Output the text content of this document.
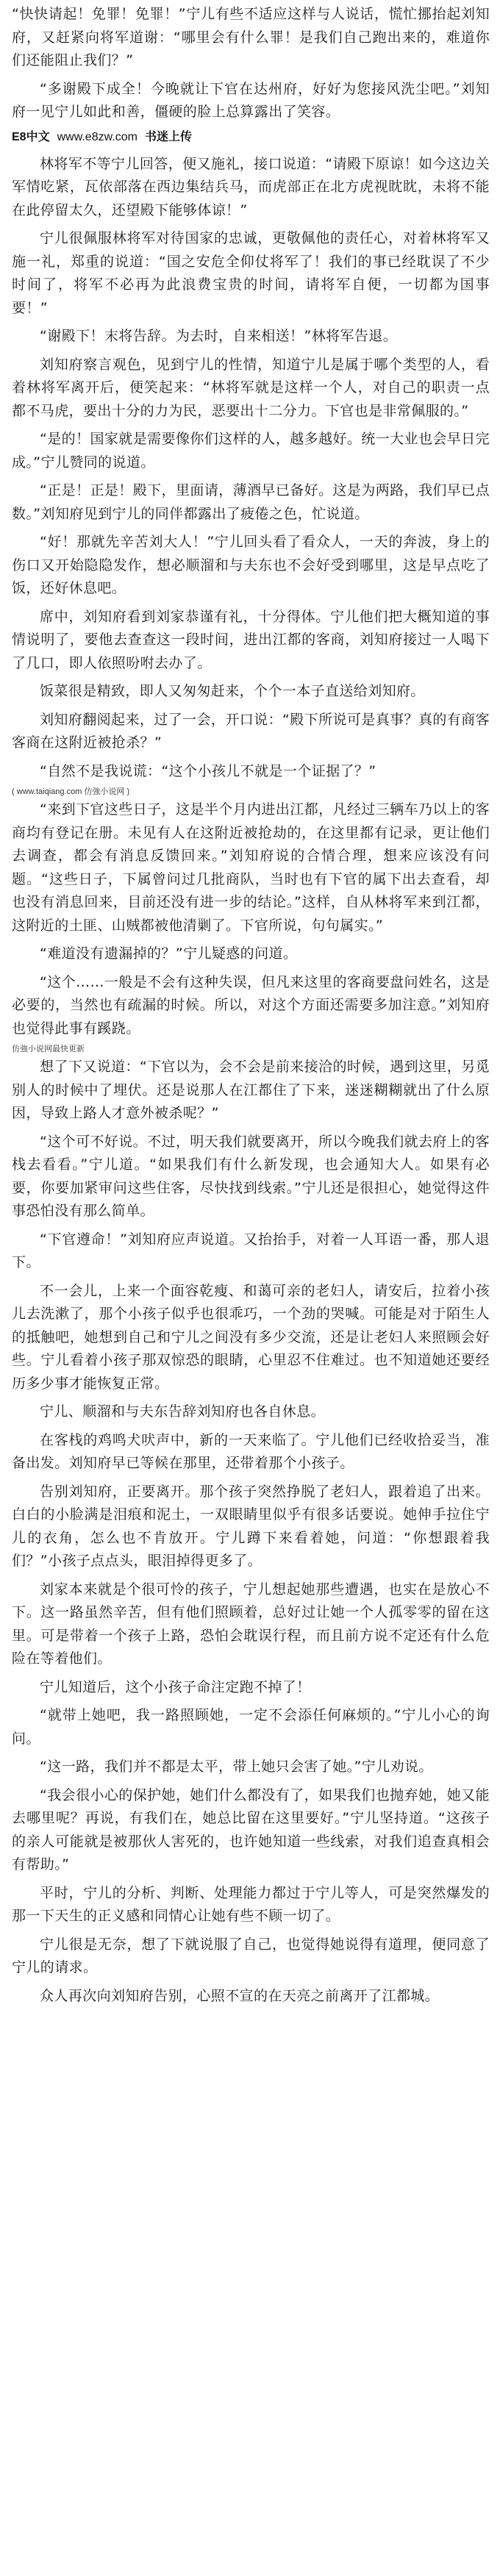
“快快请起！免罪！免罪！”宁儿有些不适应这样与人说话，慌忙挪抬起刘知府，又赶紧向将军道谢：“哪里会有什么罪！是我们自己跑出来的，难道你们还能阻止我们？”
“多谢殿下成全！今晚就让下官在达州府，好好为您接风洗尘吧。”刘知府一见宁儿如此和善，僵硬的脸上总算露出了笑容。
E8中文 www.e8zw.com 书迷上传
林将军不等宁儿回答，便又施礼，接口说道：“请殿下原谅！如今这边关军情吃紧，瓦依部落在西边集结兵马，而虎部正在北方虎视眈眈，未将不能在此停留太久，还望殿下能够体谅！”
宁儿很佩服林将军对待国家的忠诚，更敬佩他的责任心，对着林将军又施一礼，郑重的说道：“国之安危全仰仗将军了！我们的事已经耽误了不少时间了，将军不必再为此浪费宝贵的时间，请将军自便，一切都为国事要！”
“谢殿下！末将告辞。为去时，自来相送！”林将军告退。
刘知府察言观色，见到宁儿的性情，知道宁儿是属于哪个类型的人，看着林将军离开后，便笑起来：“林将军就是这样一个人，对自己的职责一点都不马虎，要出十分的力为民，恶要出十二分力。下官也是非常佩服的。”
“是的！国家就是需要像你们这样的人，越多越好。统一大业也会早日完成。”宁儿赞同的说道。
“正是！正是！殿下，里面请，薄酒早已备好。这是为两路，我们早已点数。”刘知府见到宁儿的同伴都露出了疲倦之色，忙说道。
“好！那就先辛苦刘大人！”宁儿回头看了看众人，一天的奔波，身上的伤口又开始隐隐发作，想必顺溜和与夫东也不会好受到哪里，这是早点吃了饭，还好休息吧。
席中，刘知府看到刘家恭谨有礼，十分得体。宁儿他们把大概知道的事情说明了，要他去查查这一段时间，进出江都的客商，刘知府接过一人喝下了几口，即人依照吩咐去办了。
饭菜很是精致，即人又匆匆赶来，个个一本子直送给刘知府。
刘知府翻阅起来，过了一会，开口说：“殿下所说可是真事？真的有商客客商在这附近被抢杀？”
“自然不是我说谎：“这个小孩儿不就是一个证据了？”
( www.taiqiang.com 仿強小说网 )
“来到下官这些日子，这是半个月内进出江都，凡经过三辆车乃以上的客商均有登记在册。未见有人在这附近被抢劫的，在这里都有记录，更让他们去调查，都会有消息反馈回来。”刘知府说的合情合理，想来应该没有问题。“这些日子，下属曾问过几批商队，当时也有下官的属下出去查看，却也没有消息回来，目前还没有进一步的结论。”这样，自从林将军来到江都，这附近的土匪、山贼都被他清剿了。下官所说，句句属实。”
“难道没有遗漏掉的？”宁儿疑惑的问道。
“这个……一般是不会有这种失误，但凡来这里的客商要盘问姓名，这是必要的，当然也有疏漏的时候。所以，对这个方面还需要多加注意。”刘知府也觉得此事有蹊跷。
仿強小说网最快更新
想了下又说道：“下官以为，会不会是前来接洽的时候，遇到这里，另觅别人的时候中了埋伏。还是说那人在江都住了下来，迷迷糊糊就出了什么原因，导致上路人才意外被杀呢？”
“这个可不好说。不过，明天我们就要离开，所以今晚我们就去府上的客栈去看看。”宁儿道。“如果我们有什么新发现，也会通知大人。如果有必要，你要加紧审问这些住客，尽快找到线索。”宁儿还是很担心，她觉得这件事恐怕没有那么简单。
“下官遵命！”刘知府应声说道。又抬抬手，对着一人耳语一番，那人退下。
不一会儿，上来一个面容乾瘦、和蔼可亲的老妇人，请安后，拉着小孩儿去洗漱了，那个小孩子似乎也很乖巧，一个劲的哭喊。可能是对于陌生人的抵触吧，她想到自己和宁儿之间没有多少交流，还是让老妇人来照顾会好些。宁儿看着小孩子那双惊恐的眼睛，心里忍不住难过。也不知道她还要经历多少事才能恢复正常。
宁儿、顺溜和与夫东告辞刘知府也各自休息。
在客栈的鸡鸣犬吠声中，新的一天来临了。宁儿他们已经收拾妥当，准备出发。刘知府早已等候在那里，还带着那个小孩子。
告别刘知府，正要离开。那个孩子突然挣脱了老妇人，跟着追了出来。白白的小脸满是泪痕和泥土，一双眼睛里似乎有很多话要说。她伸手拉住宁儿的衣角，怎么也不肯放开。宁儿蹲下来看着她，问道：“你想跟着我们？”小孩子点点头，眼泪掉得更多了。
刘家本来就是个很可怜的孩子，宁儿想起她那些遭遇，也实在是放心不下。这一路虽然辛苦，但有他们照顾着，总好过让她一个人孤零零的留在这里。可是带着一个孩子上路，恐怕会耽误行程，而且前方说不定还有什么危险在等着他们。
宁儿知道后，这个小孩子命注定跑不掉了！
“就带上她吧，我一路照顾她，一定不会添任何麻烦的。”宁儿小心的询问。
“这一路，我们并不都是太平，带上她只会害了她。”宁儿劝说。
“我会很小心的保护她，她们什么都没有了，如果我们也抛弃她，她又能去哪里呢？再说，有我们在，她总比留在这里要好。”宁儿坚持道。“这孩子的亲人可能就是被那伙人害死的，也许她知道一些线索，对我们追查真相会有帮助。”
平时，宁儿的分析、判断、处理能力都过于宁儿等人，可是突然爆发的那一下天生的正义感和同情心让她有些不顾一切了。
宁儿很是无奈，想了下就说服了自己，也觉得她说得有道理，便同意了宁儿的请求。
众人再次向刘知府告别，心照不宣的在天亮之前离开了江都城。
